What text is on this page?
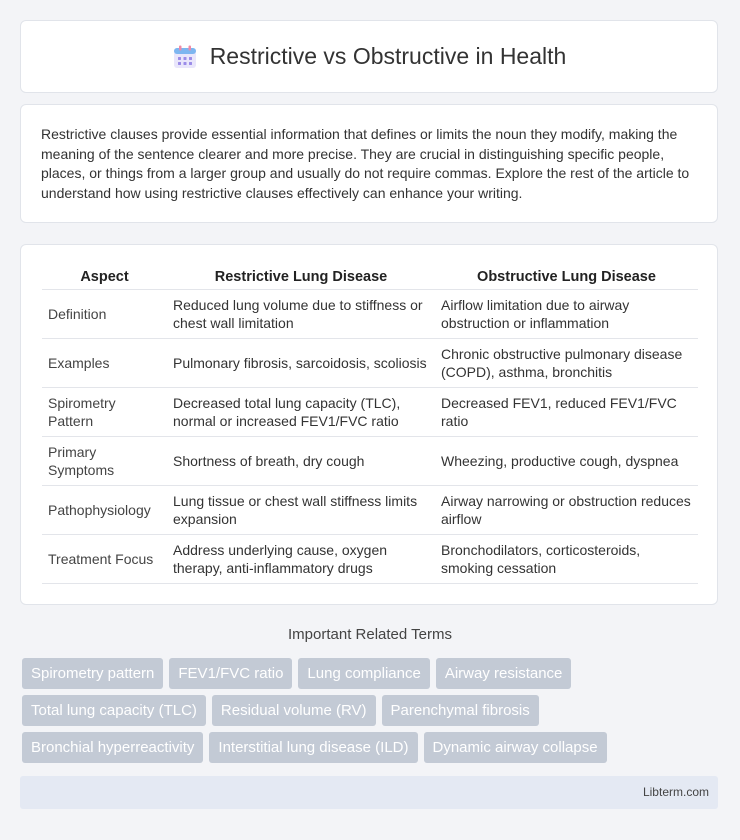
Restrictive vs Obstructive in Health

Restrictive clauses provide essential information that defines or limits the noun they modify, making the meaning of the sentence clearer and more precise. They are crucial in distinguishing specific people, places, or things from a larger group and usually do not require commas. Explore the rest of the article to understand how using restrictive clauses effectively can enhance your writing.

Aspect	Restrictive Lung Disease	Obstructive Lung Disease
Definition	Reduced lung volume due to stiffness or chest wall limitation	Airflow limitation due to airway obstruction or inflammation
Examples	Pulmonary fibrosis, sarcoidosis, scoliosis	Chronic obstructive pulmonary disease (COPD), asthma, bronchitis
Spirometry Pattern	Decreased total lung capacity (TLC), normal or increased FEV1/FVC ratio	Decreased FEV1, reduced FEV1/FVC ratio
Primary Symptoms	Shortness of breath, dry cough	Wheezing, productive cough, dyspnea
Pathophysiology	Lung tissue or chest wall stiffness limits expansion	Airway narrowing or obstruction reduces airflow
Treatment Focus	Address underlying cause, oxygen therapy, anti-inflammatory drugs	Bronchodilators, corticosteroids, smoking cessation
Important Related Terms
Spirometry pattern	FEV1/FVC ratio	Lung compliance	Airway resistance
Total lung capacity (TLC)	Residual volume (RV)	Parenchymal fibrosis
Bronchial hyperreactivity	Interstitial lung disease (ILD)	Dynamic airway collapse
Libterm.com
